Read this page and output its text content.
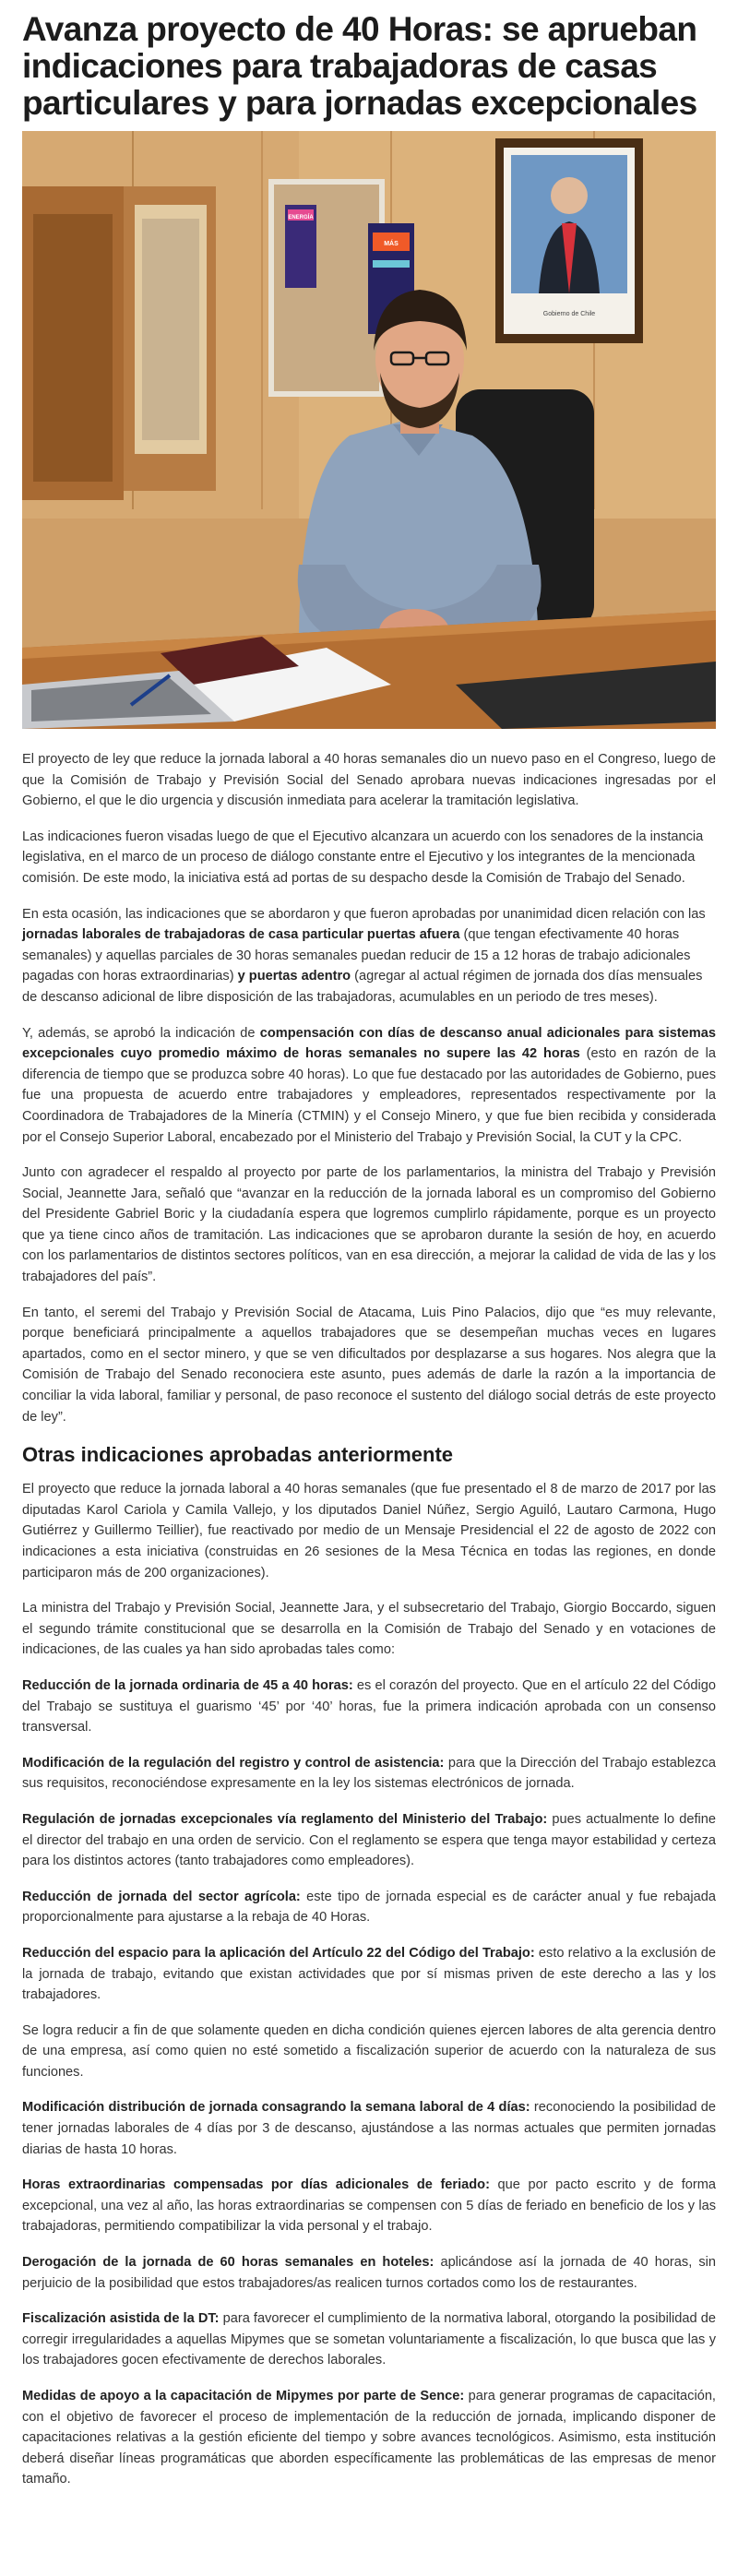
Avanza proyecto de 40 Horas: se aprueban indicaciones para trabajadoras de casas particulares y para jornadas excepcionales
Gobierno de Chile
ENERGÍA
MÁS

El proyecto de ley que reduce la jornada laboral a 40 horas semanales dio un nuevo paso en el Congreso, luego de que la Comisión de Trabajo y Previsión Social del Senado aprobara nuevas indicaciones ingresadas por el Gobierno, el que le dio urgencia y discusión inmediata para acelerar la tramitación legislativa.

Las indicaciones fueron visadas luego de que el Ejecutivo alcanzara un acuerdo con los senadores de la instancia legislativa, en el marco de un proceso de diálogo constante entre el Ejecutivo y los integrantes de la mencionada comisión. De este modo, la iniciativa está ad portas de su despacho desde la Comisión de Trabajo del Senado.

En esta ocasión, las indicaciones que se abordaron y que fueron aprobadas por unanimidad dicen relación con las jornadas laborales de trabajadoras de casa particular puertas afuera (que tengan efectivamente 40 horas semanales) y aquellas parciales de 30 horas semanales puedan reducir de 15 a 12 horas de trabajo adicionales pagadas con horas extraordinarias) y puertas adentro (agregar al actual régimen de jornada dos días mensuales de descanso adicional de libre disposición de las trabajadoras, acumulables en un periodo de tres meses).

Y, además, se aprobó la indicación de compensación con días de descanso anual adicionales para sistemas excepcionales cuyo promedio máximo de horas semanales no supere las 42 horas (esto en razón de la diferencia de tiempo que se produzca sobre 40 horas). Lo que fue destacado por las autoridades de Gobierno, pues fue una propuesta de acuerdo entre trabajadores y empleadores, representados respectivamente por la Coordinadora de Trabajadores de la Minería (CTMIN) y el Consejo Minero, y que fue bien recibida y considerada por el Consejo Superior Laboral, encabezado por el Ministerio del Trabajo y Previsión Social, la CUT y la CPC.

Junto con agradecer el respaldo al proyecto por parte de los parlamentarios, la ministra del Trabajo y Previsión Social, Jeannette Jara, señaló que “avanzar en la reducción de la jornada laboral es un compromiso del Gobierno del Presidente Gabriel Boric y la ciudadanía espera que logremos cumplirlo rápidamente, porque es un proyecto que ya tiene cinco años de tramitación. Las indicaciones que se aprobaron durante la sesión de hoy, en acuerdo con los parlamentarios de distintos sectores políticos, van en esa dirección, a mejorar la calidad de vida de las y los trabajadores del país”.

En tanto, el seremi del Trabajo y Previsión Social de Atacama, Luis Pino Palacios, dijo que “es muy relevante, porque beneficiará principalmente a aquellos trabajadores que se desempeñan muchas veces en lugares apartados, como en el sector minero, y que se ven dificultados por desplazarse a sus hogares. Nos alegra que la Comisión de Trabajo del Senado reconociera este asunto, pues además de darle la razón a la importancia de conciliar la vida laboral, familiar y personal, de paso reconoce el sustento del diálogo social detrás de este proyecto de ley”.

Otras indicaciones aprobadas anteriormente

El proyecto que reduce la jornada laboral a 40 horas semanales (que fue presentado el 8 de marzo de 2017 por las diputadas Karol Cariola y Camila Vallejo, y los diputados Daniel Núñez, Sergio Aguiló, Lautaro Carmona, Hugo Gutiérrez y Guillermo Teillier), fue reactivado por medio de un Mensaje Presidencial el 22 de agosto de 2022 con indicaciones a esta iniciativa (construidas en 26 sesiones de la Mesa Técnica en todas las regiones, en donde participaron más de 200 organizaciones).

La ministra del Trabajo y Previsión Social, Jeannette Jara, y el subsecretario del Trabajo, Giorgio Boccardo, siguen el segundo trámite constitucional que se desarrolla en la Comisión de Trabajo del Senado y en votaciones de indicaciones, de las cuales ya han sido aprobadas tales como:

Reducción de la jornada ordinaria de 45 a 40 horas: es el corazón del proyecto. Que en el artículo 22 del Código del Trabajo se sustituya el guarismo ‘45’ por ‘40’ horas, fue la primera indicación aprobada con un consenso transversal.

Modificación de la regulación del registro y control de asistencia: para que la Dirección del Trabajo establezca sus requisitos, reconociéndose expresamente en la ley los sistemas electrónicos de jornada.

Regulación de jornadas excepcionales vía reglamento del Ministerio del Trabajo: pues actualmente lo define el director del trabajo en una orden de servicio. Con el reglamento se espera que tenga mayor estabilidad y certeza para los distintos actores (tanto trabajadores como empleadores).

Reducción de jornada del sector agrícola: este tipo de jornada especial es de carácter anual y fue rebajada proporcionalmente para ajustarse a la rebaja de 40 Horas.

Reducción del espacio para la aplicación del Artículo 22 del Código del Trabajo: esto relativo a la exclusión de la jornada de trabajo, evitando que existan actividades que por sí mismas priven de este derecho a las y los trabajadores.

Se logra reducir a fin de que solamente queden en dicha condición quienes ejercen labores de alta gerencia dentro de una empresa, así como quien no esté sometido a fiscalización superior de acuerdo con la naturaleza de sus funciones.

Modificación distribución de jornada consagrando la semana laboral de 4 días: reconociendo la posibilidad de tener jornadas laborales de 4 días por 3 de descanso, ajustándose a las normas actuales que permiten jornadas diarias de hasta 10 horas.

Horas extraordinarias compensadas por días adicionales de feriado: que por pacto escrito y de forma excepcional, una vez al año, las horas extraordinarias se compensen con 5 días de feriado en beneficio de los y las trabajadoras, permitiendo compatibilizar la vida personal y el trabajo.

Derogación de la jornada de 60 horas semanales en hoteles: aplicándose así la jornada de 40 horas, sin perjuicio de la posibilidad que estos trabajadores/as realicen turnos cortados como los de restaurantes.

Fiscalización asistida de la DT: para favorecer el cumplimiento de la normativa laboral, otorgando la posibilidad de corregir irregularidades a aquellas Mipymes que se sometan voluntariamente a fiscalización, lo que busca que las y los trabajadores gocen efectivamente de derechos laborales.

Medidas de apoyo a la capacitación de Mipymes por parte de Sence: para generar programas de capacitación, con el objetivo de favorecer el proceso de implementación de la reducción de jornada, implicando disponer de capacitaciones relativas a la gestión eficiente del tiempo y sobre avances tecnológicos. Asimismo, esta institución deberá diseñar líneas programáticas que aborden específicamente las problemáticas de las empresas de menor tamaño.
